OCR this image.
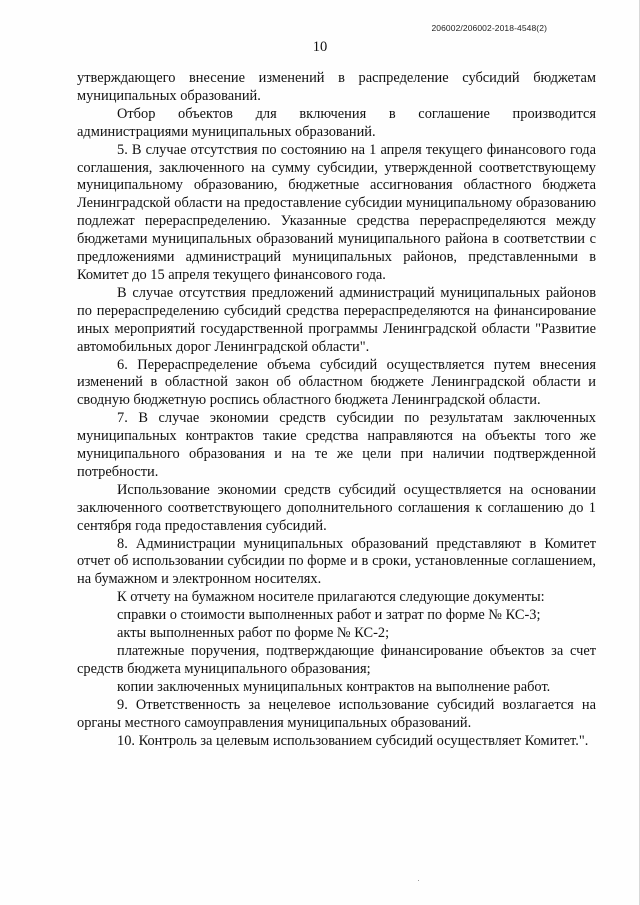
206002/206002-2018-4548(2)
10

утверждающего внесение изменений в распределение субсидий бюджетам муниципальных образований.

Отбор объектов для включения в соглашение производится администрациями муниципальных образований.

5. В случае отсутствия по состоянию на 1 апреля текущего финансового года соглашения, заключенного на сумму субсидии, утвержденной соответствующему муниципальному образованию, бюджетные ассигнования областного бюджета Ленинградской области на предоставление субсидии муниципальному образованию подлежат перераспределению. Указанные средства перераспределяются между бюджетами муниципальных образований муниципального района в соответствии с предложениями администраций муниципальных районов, представленными в Комитет до 15 апреля текущего финансового года.

В случае отсутствия предложений администраций муниципальных районов по перераспределению субсидий средства перераспределяются на финансирование иных мероприятий государственной программы Ленинградской области "Развитие автомобильных дорог Ленинградской области".

6. Перераспределение объема субсидий осуществляется путем внесения изменений в областной закон об областном бюджете Ленинградской области и сводную бюджетную роспись областного бюджета Ленинградской области.

7. В случае экономии средств субсидии по результатам заключенных муниципальных контрактов такие средства направляются на объекты того же муниципального образования и на те же цели при наличии подтвержденной потребности.

Использование экономии средств субсидий осуществляется на основании заключенного соответствующего дополнительного соглашения к соглашению до 1 сентября года предоставления субсидий.

8. Администрации муниципальных образований представляют в Комитет отчет об использовании субсидии по форме и в сроки, установленные соглашением, на бумажном и электронном носителях.

К отчету на бумажном носителе прилагаются следующие документы:

справки о стоимости выполненных работ и затрат по форме № КС-3;

акты выполненных работ по форме № КС-2;

платежные поручения, подтверждающие финансирование объектов за счет средств бюджета муниципального образования;

копии заключенных муниципальных контрактов на выполнение работ.

9. Ответственность за нецелевое использование субсидий возлагается на органы местного самоуправления муниципальных образований.

10. Контроль за целевым использованием субсидий осуществляет Комитет.".
